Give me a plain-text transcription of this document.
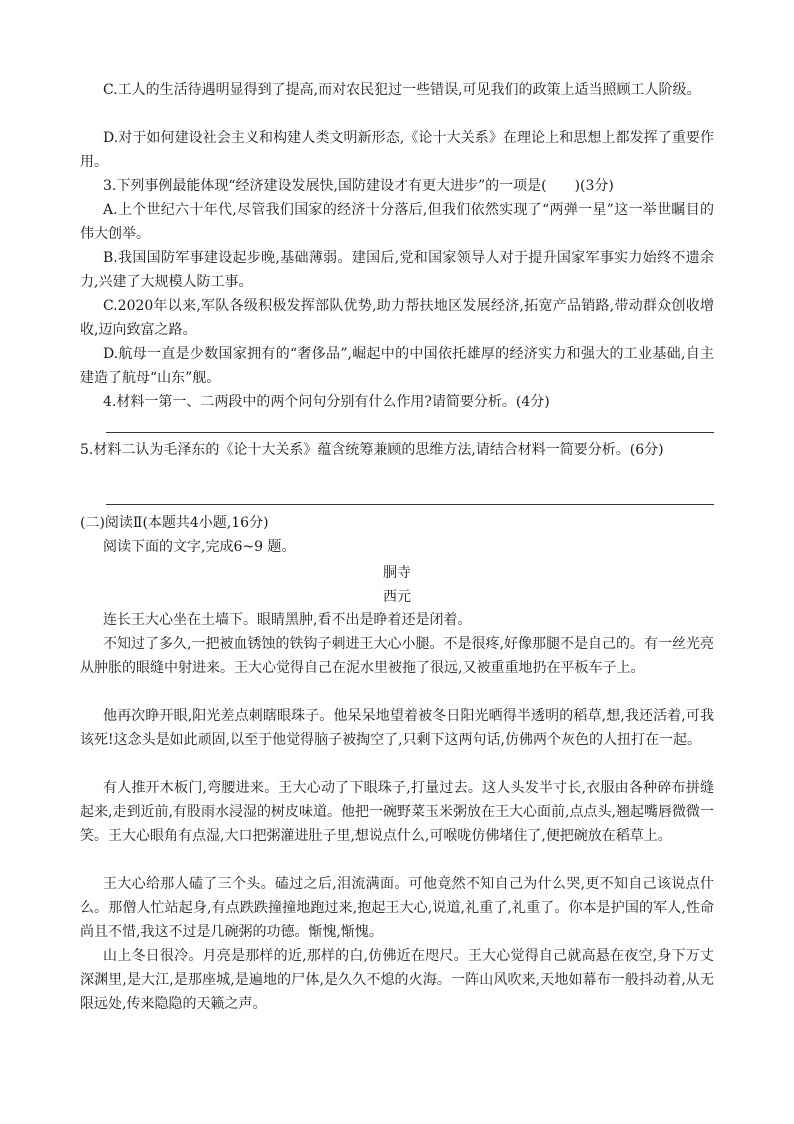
C.工人的生活待遇明显得到了提高,而对农民犯过一些错误,可见我们的政策上适当照顾工人阶级。

D.对于如何建设社会主义和构建人类文明新形态,《论十大关系》在理论上和思想上都发挥了重要作用。

3.下列事例最能体现“经济建设发展快,国防建设才有更大进步”的一项是(　　)(3分)

A.上个世纪六十年代,尽管我们国家的经济十分落后,但我们依然实现了“两弹一星”这一举世瞩目的伟大创举。

B.我国国防军事建设起步晚,基础薄弱。建国后,党和国家领导人对于提升国家军事实力始终不遗余力,兴建了大规模人防工事。

C.2020年以来,军队各级积极发挥部队优势,助力帮扶地区发展经济,拓宽产品销路,带动群众创收增收,迈向致富之路。

D.航母一直是少数国家拥有的“奢侈品”,崛起中的中国依托雄厚的经济实力和强大的工业基础,自主建造了航母“山东”舰。

4.材料一第一、二两段中的两个问句分别有什么作用?请简要分析。(4分)

5.材料二认为毛泽东的《论十大关系》蕴含统筹兼顾的思维方法,请结合材料一简要分析。(6分)

(二)阅读Ⅱ(本题共4小题,16分)

阅读下面的文字,完成6~9 题。

胴寺

西元

连长王大心坐在土墙下。眼睛黑肿,看不出是睁着还是闭着。

不知过了多久,一把被血锈蚀的铁钩子刺进王大心小腿。不是很疼,好像那腿不是自己的。有一丝光亮从肿胀的眼缝中射进来。王大心觉得自己在泥水里被拖了很远,又被重重地扔在平板车子上。

他再次睁开眼,阳光差点刺瞎眼珠子。他呆呆地望着被冬日阳光晒得半透明的稻草,想,我还活着,可我该死!这念头是如此顽固,以至于他觉得脑子被掏空了,只剩下这两句话,仿佛两个灰色的人扭打在一起。

有人推开木板门,弯腰进来。王大心动了下眼珠子,打量过去。这人头发半寸长,衣服由各种碎布拼缝起来,走到近前,有股雨水浸湿的树皮味道。他把一碗野菜玉米粥放在王大心面前,点点头,翘起嘴唇微微一笑。王大心眼角有点湿,大口把粥灌进肚子里,想说点什么,可喉咙仿佛堵住了,便把碗放在稻草上。

王大心给那人磕了三个头。磕过之后,泪流满面。可他竟然不知自己为什么哭,更不知自己该说点什么。那僧人忙站起身,有点跌跌撞撞地跑过来,抱起王大心,说道,礼重了,礼重了。你本是护国的军人,性命尚且不惜,我这不过是几碗粥的功德。惭愧,惭愧。

山上冬日很冷。月亮是那样的近,那样的白,仿佛近在咫尺。王大心觉得自己就高悬在夜空,身下万丈深渊里,是大江,是那座城,是遍地的尸体,是久久不熄的火海。一阵山风吹来,天地如幕布一般抖动着,从无限远处,传来隐隐的天籁之声。
